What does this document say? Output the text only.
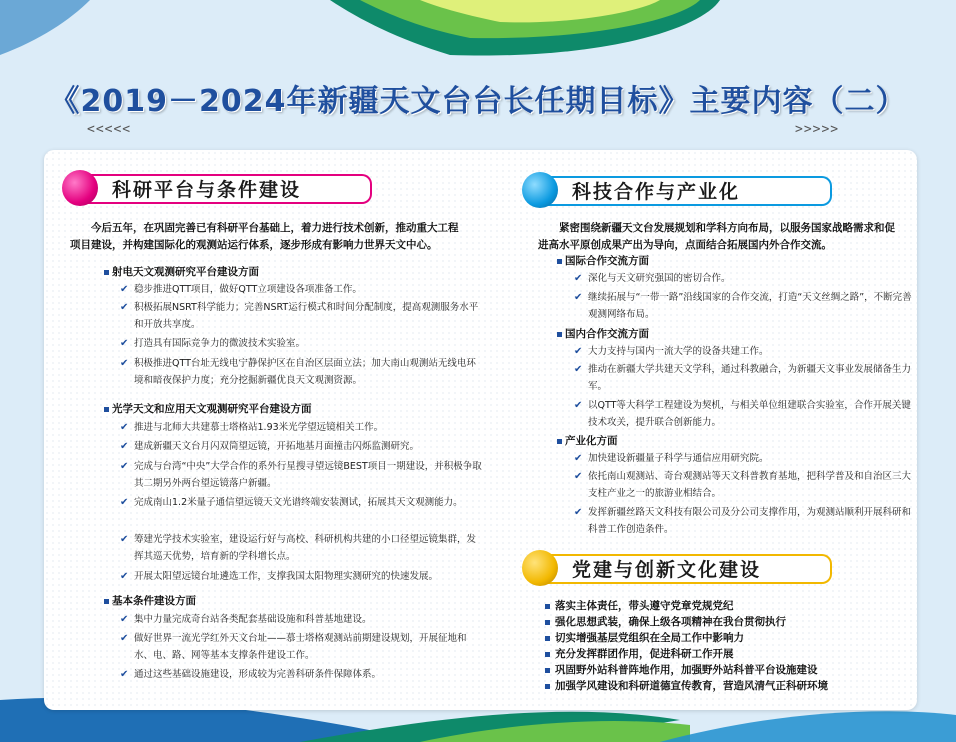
《2019－2024年新疆天文台台长任期目标》主要内容（二）
<<<<<	>>>>>
科研平台与条件建设
今后五年，在巩固完善已有科研平台基础上，着力进行技术创新，推动重大工程项目建设，并构建国际化的观测站运行体系，逐步形成有影响力世界天文中心。
射电天文观测研究平台建设方面
✔ 稳步推进QTT项目，做好QTT立项建设各项准备工作。
✔ 积极拓展NSRT科学能力；完善NSRT运行模式和时间分配制度，提高观测服务水平和开放共享度。
✔ 打造具有国际竞争力的微波技术实验室。
✔ 积极推进QTT台址无线电宁静保护区在自治区层面立法；加大南山观测站无线电环境和暗夜保护力度；充分挖掘新疆优良天文观测资源。
光学天文和应用天文观测研究平台建设方面
✔ 推进与北师大共建慕士塔格站1.93米光学望远镜相关工作。
✔ 建成新疆天文台月闪双筒望远镜，开拓地基月面撞击闪烁监测研究。
✔ 完成与台湾“中央”大学合作的系外行星搜寻望远镜BEST项目一期建设，并积极争取其二期另外两台望远镜落户新疆。
✔ 完成南山1.2米量子通信望远镜天文光谱终端安装测试，拓展其天文观测能力。
✔ 筹建光学技术实验室，建设运行好与高校、科研机构共建的小口径望远镜集群，发挥其巡天优势，培育新的学科增长点。
✔ 开展太阳望远镜台址遴选工作，支撑我国太阳物理实测研究的快速发展。
基本条件建设方面
✔ 集中力量完成奇台站各类配套基础设施和科普基地建设。
✔ 做好世界一流光学红外天文台址——慕士塔格观测站前期建设规划，开展征地和水、电、路、网等基本支撑条件建设工作。
✔ 通过这些基础设施建设，形成较为完善科研条件保障体系。
科技合作与产业化
紧密围绕新疆天文台发展规划和学科方向布局，以服务国家战略需求和促进高水平原创成果产出为导向，点面结合拓展国内外合作交流。
国际合作交流方面
✔ 深化与天文研究强国的密切合作。
✔ 继续拓展与“一带一路”沿线国家的合作交流，打造“天文丝绸之路”，不断完善观测网络布局。
国内合作交流方面
✔ 大力支持与国内一流大学的设备共建工作。
✔ 推动在新疆大学共建天文学科，通过科教融合，为新疆天文事业发展储备生力军。
✔ 以QTT等大科学工程建设为契机，与相关单位组建联合实验室，合作开展关键技术攻关，提升联合创新能力。
产业化方面
✔ 加快建设新疆量子科学与通信应用研究院。
✔ 依托南山观测站、奇台观测站等天文科普教育基地，把科学普及和自治区三大支柱产业之一的旅游业相结合。
✔ 发挥新疆丝路天文科技有限公司及分公司支撑作用，为观测站顺利开展科研和科普工作创造条件。
党建与创新文化建设
落实主体责任，带头遵守党章党规党纪
强化思想武装，确保上级各项精神在我台贯彻执行
切实增强基层党组织在全局工作中影响力
充分发挥群团作用，促进科研工作开展
巩固野外站科普阵地作用，加强野外站科普平台设施建设
加强学风建设和科研道德宣传教育，营造风清气正科研环境
